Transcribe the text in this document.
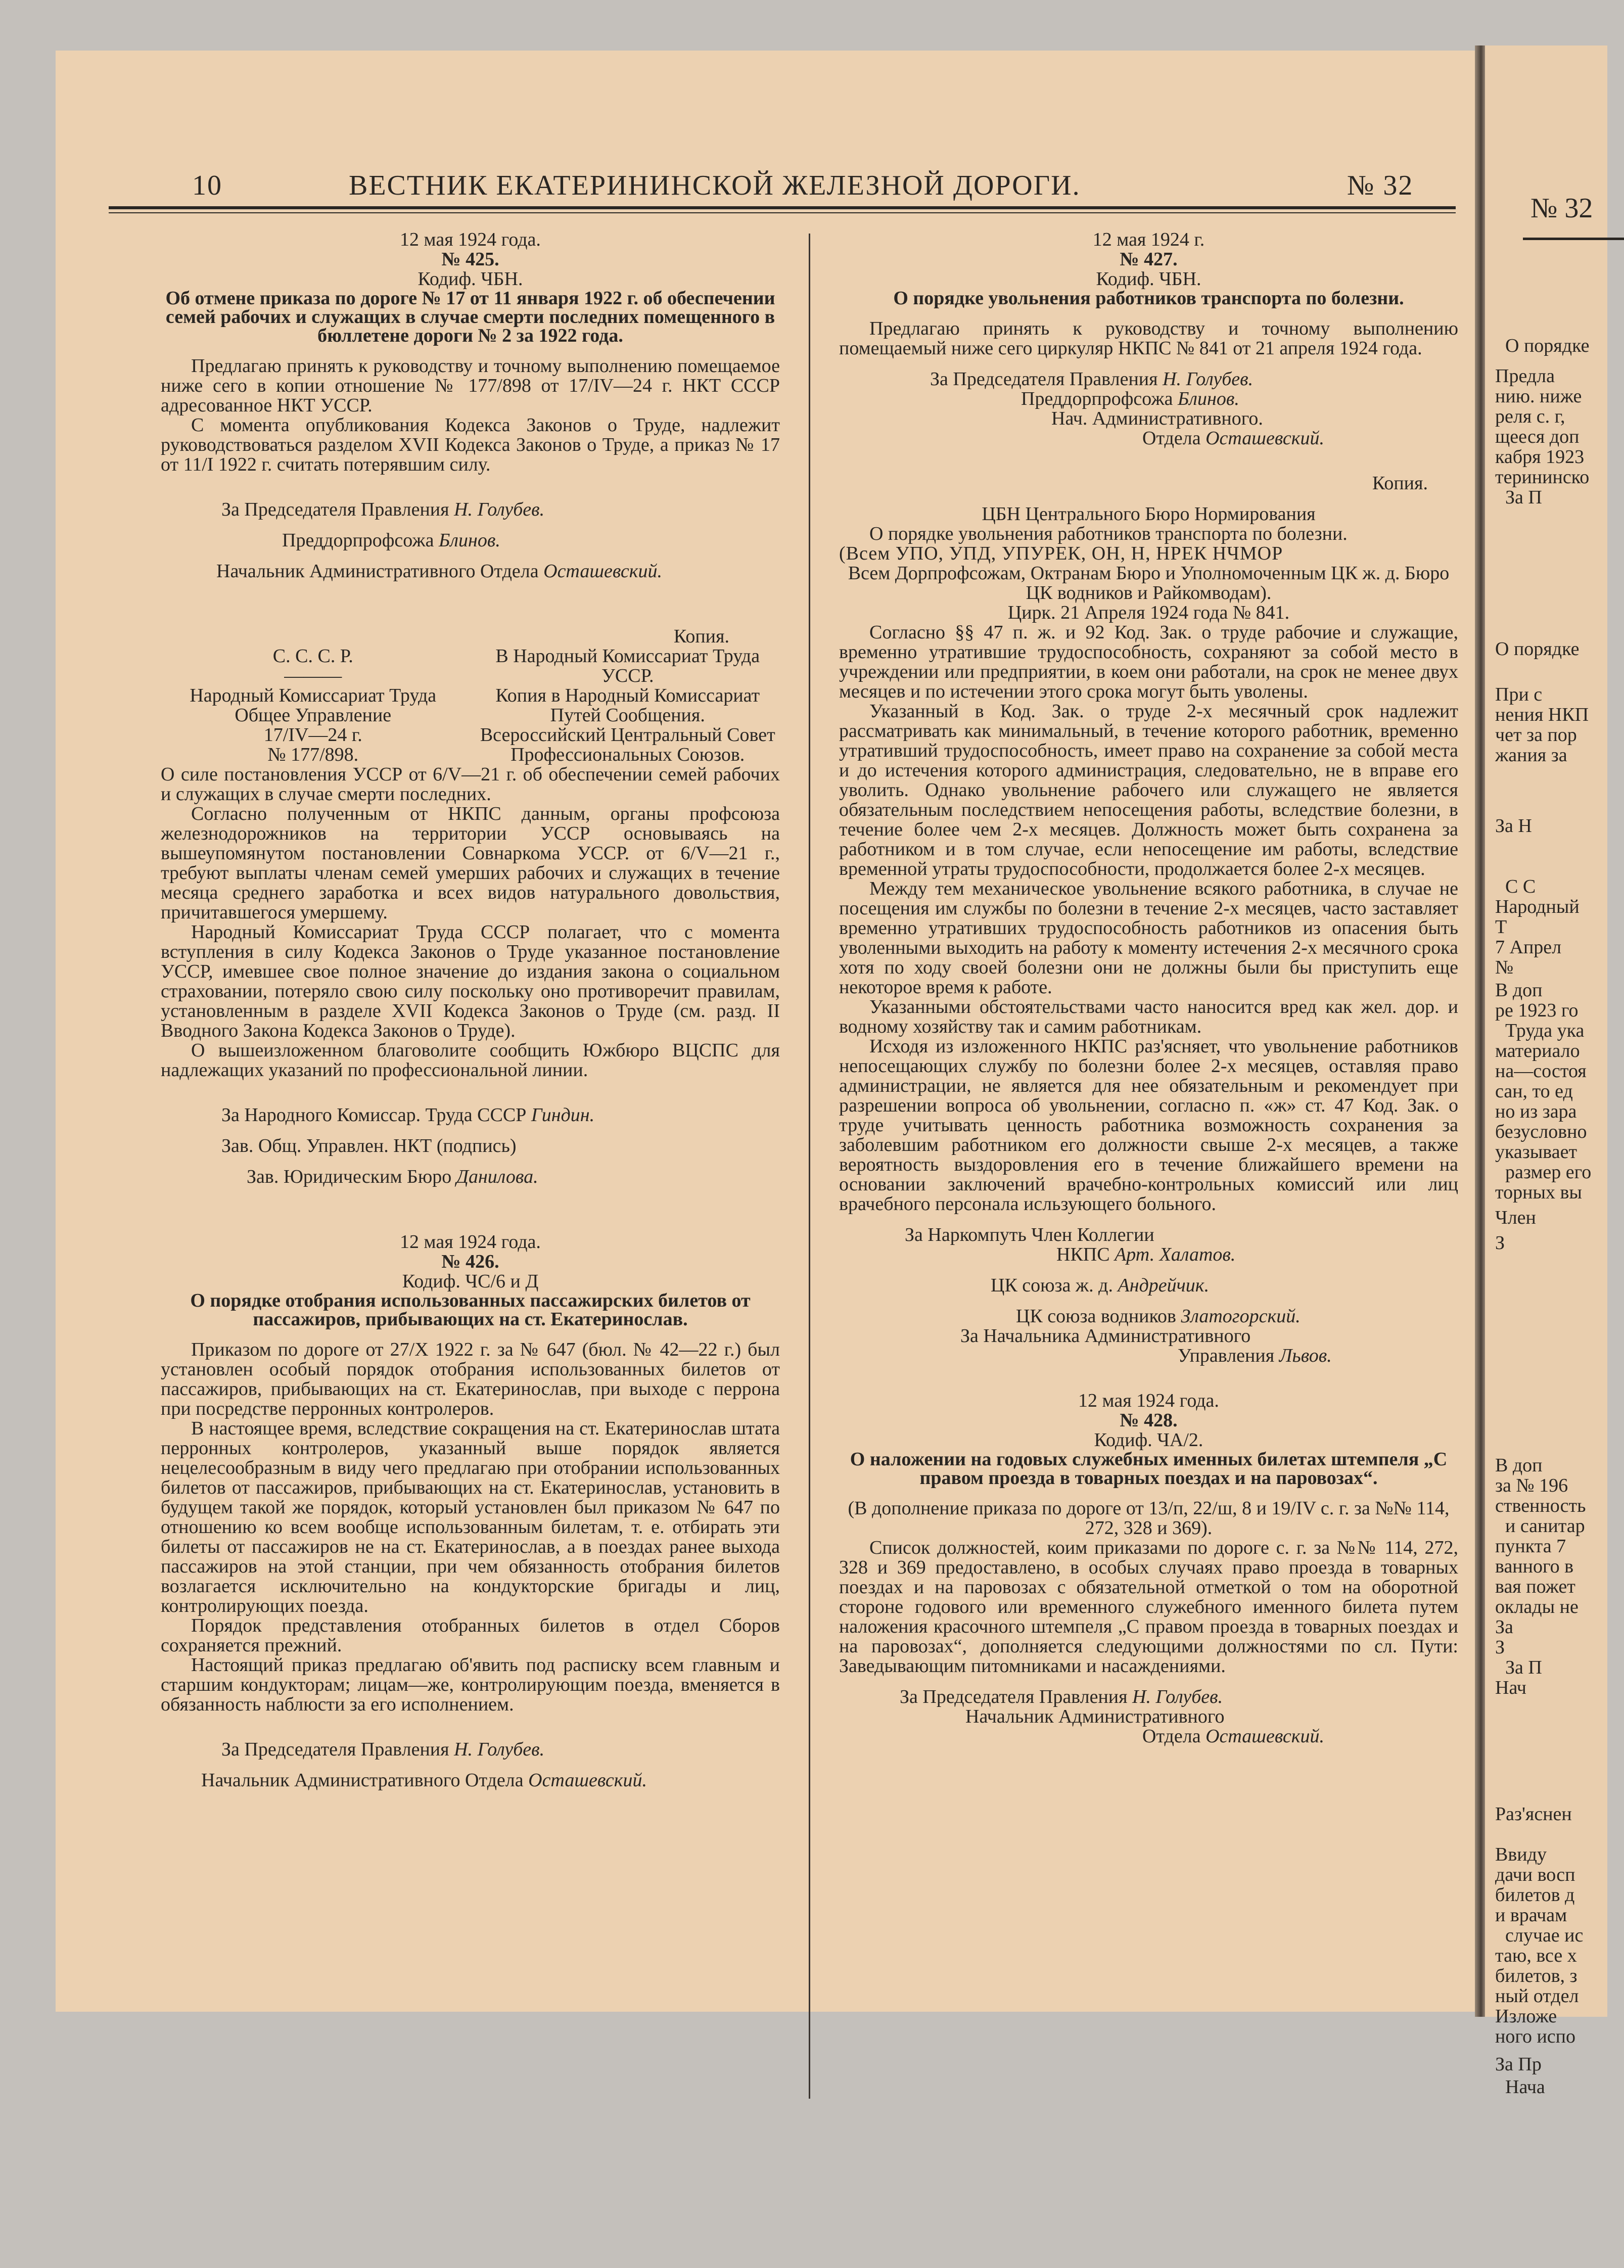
№ 32
О порядке
Предла
нию. ниже
реля с. г,
щееся доп
кабря 1923
терининско
За П
О порядке
При с
нения НКП
чет за пор
жания за
За Н
С С
Народный
Т
7 Апрел
№
В доп
ре 1923 го
Труда ука
материало
на—состоя
сан, то ед
но из зара
безусловно
указывает
размер его
торных вы
Член
З
В доп
за № 196
ственность
и санитар
пункта 7
ванного в
вая пожет
оклады не
За
З
За П
Нач
Раз'яснен
Ввиду
дачи восп
билетов д
и врачам
случае ис
таю, все х
билетов, з
ный отдел
Изложе
ного испо
За Пр
Нача
10	ВЕСТНИК ЕКАТЕРИНИНСКОЙ ЖЕЛЕЗНОЙ ДОРОГИ.	№ 32

12 мая 1924 года.

№ 425.

Кодиф. ЧБН.

Об отмене приказа по дороге № 17 от 11 января 1922 г. об обеспечении семей рабочих и служащих в случае смерти последних помещенного в бюллетене дороги № 2 за 1922 года.

Предлагаю принять к руководству и точному выполнению помещаемое ниже сего в копии отношение № 177/898 от 17/IV—24 г. НКТ СССР адресованное НКТ УССР.

С момента опубликования Кодекса Законов о Труде, надлежит руководствоваться разделом XVII Кодекса Законов о Труде, а приказ № 17 от 11/I 1922 г. считать потерявшим силу.

За Председателя Правления Н. Голубев.

Преддорпрофсожа Блинов.

Начальник Административного Отдела Осташевский.

Копия.

С. С. С. Р.
———
Народный Комиссариат Труда
Общее Управление
17/IV—24 г.
№ 177/898.
В Народный Комиссариат Труда УССР.
Копия в Народный Комиссариат Путей Сообщения.
Всероссийский Центральный Совет Профессиональных Союзов.

О силе постановления УССР от 6/V—21 г. об обеспечении семей рабочих и служащих в случае смерти последних.

Согласно полученным от НКПС данным, органы профсоюза железнодорожников на территории УССР основываясь на вышеупомянутом постановлении Совнаркома УССР. от 6/V—21 г., требуют выплаты членам семей умерших рабочих и служащих в течение месяца среднего заработка и всех видов натурального довольствия, причитавшегося умершему.

Народный Комиссариат Труда СССР полагает, что с момента вступления в силу Кодекса Законов о Труде указанное постановление УССР, имевшее свое полное значение до издания закона о социальном страховании, потеряло свою силу поскольку оно противоречит правилам, установленным в разделе XVII Кодекса Законов о Труде (см. разд. II Вводного Закона Кодекса Законов о Труде).

О вышеизложенном благоволите сообщить Южбюро ВЦСПС для надлежащих указаний по профессиональной линии.

За Народного Комиссар. Труда СССР Гиндин.

Зав. Общ. Управлен. НКТ (подпись)

Зав. Юридическим Бюро Данилова.

12 мая 1924 года.

№ 426.

Кодиф. ЧС/6 и Д

О порядке отобрания использованных пассажирских билетов от пассажиров, прибывающих на ст. Екатеринослав.

Приказом по дороге от 27/X 1922 г. за № 647 (бюл. № 42—22 г.) был установлен особый порядок отобрания использованных билетов от пассажиров, прибывающих на ст. Екатеринослав, при выходе с перрона при посредстве перронных контролеров.

В настоящее время, вследствие сокращения на ст. Екатеринослав штата перронных контролеров, указанный выше порядок является нецелесообразным в виду чего предлагаю при отобрании использованных билетов от пассажиров, прибывающих на ст. Екатеринослав, установить в будущем такой же порядок, который установлен был приказом № 647 по отношению ко всем вообще использованным билетам, т. е. отбирать эти билеты от пассажиров не на ст. Екатеринослав, а в поездах ранее выхода пассажиров на этой станции, при чем обязанность отобрания билетов возлагается исключительно на кондукторские бригады и лиц, контролирующих поезда.

Порядок представления отобранных билетов в отдел Сборов сохраняется прежний.

Настоящий приказ предлагаю об'явить под расписку всем главным и старшим кондукторам; лицам—же, контролирующим поезда, вменяется в обязанность наблюсти за его исполнением.

За Председателя Правления Н. Голубев.

Начальник Административного Отдела Осташевский.

12 мая 1924 г.

№ 427.

Кодиф. ЧБН.

О порядке увольнения работников транспорта по болезни.

Предлагаю принять к руководству и точному выполнению помещаемый ниже сего циркуляр НКПС № 841 от 21 апреля 1924 года.

За Председателя Правления Н. Голубев.

Преддорпрофсожа Блинов.

Нач. Административного.

Отдела Осташевский.

Копия.

ЦБН Центрального Бюро Нормирования

О порядке увольнения работников транспорта по болезни.

(Всем УПО, УПД, УПУРЕК, ОН, Н, НРЕК НЧМОР

Всем Дорпрофсожам, Октранам Бюро и Уполномоченным ЦК ж. д. Бюро ЦК водников и Райкомводам).

Цирк. 21 Апреля 1924 года № 841.

Согласно §§ 47 п. ж. и 92 Код. Зак. о труде рабочие и служащие, временно утратившие трудоспособность, сохраняют за собой место в учреждении или предприятии, в коем они работали, на срок не менее двух месяцев и по истечении этого срока могут быть уволены.

Указанный в Код. Зак. о труде 2-х месячный срок надлежит рассматривать как минимальный, в течение которого работник, временно утративший трудоспособность, имеет право на сохранение за собой места и до истечения которого администрация, следовательно, не в вправе его уволить. Однако увольнение рабочего или служащего не является обязательным последствием непосещения работы, вследствие болезни, в течение более чем 2-х месяцев. Должность может быть сохранена за работником и в том случае, если непосещение им работы, вследствие временной утраты трудоспособности, продолжается более 2-х месяцев.

Между тем механическое увольнение всякого работника, в случае не посещения им службы по болезни в течение 2-х месяцев, часто заставляет временно утративших трудоспособность работников из опасения быть уволенными выходить на работу к моменту истечения 2-х месячного срока хотя по ходу своей болезни они не должны были бы приступить еще некоторое время к работе.

Указанными обстоятельствами часто наносится вред как жел. дор. и водному хозяйству так и самим работникам.

Исходя из изложенного НКПС раз'ясняет, что увольнение работников непосещающих службу по болезни более 2-х месяцев, оставляя право администрации, не является для нее обязательным и рекомендует при разрешении вопроса об увольнении, согласно п. «ж» ст. 47 Код. Зак. о труде учитывать ценность работника возможность сохранения за заболевшим работником его должности свыше 2-х месяцев, а также вероятность выздоровления его в течение ближайшего времени на основании заключений врачебно-контрольных комиссий или лиц врачебного персонала исльзующего больного.

За Наркомпуть Член Коллегии

НКПС Арт. Халатов.

ЦК союза ж. д. Андрейчик.

ЦК союза водников Златогорский.

За Начальника Административного

Управления Львов.

12 мая 1924 года.

№ 428.

Кодиф. ЧА/2.

О наложении на годовых служебных именных билетах штемпеля „С правом проезда в товарных поездах и на паровозах“.

(В дополнение приказа по дороге от 13/п, 22/ш, 8 и 19/IV с. г. за №№ 114, 272, 328 и 369).

Список должностей, коим приказами по дороге с. г. за №№ 114, 272, 328 и 369 предоставлено, в особых случаях право проезда в товарных поездах и на паровозах с обязательной отметкой о том на оборотной стороне годового или временного служебного именного билета путем наложения красочного штемпеля „С правом проезда в товарных поездах и на паровозах“, дополняется следующими должностями по сл. Пути: Заведывающим питомниками и насаждениями.

За Председателя Правления Н. Голубев.

Начальник Административного

Отдела Осташевский.
